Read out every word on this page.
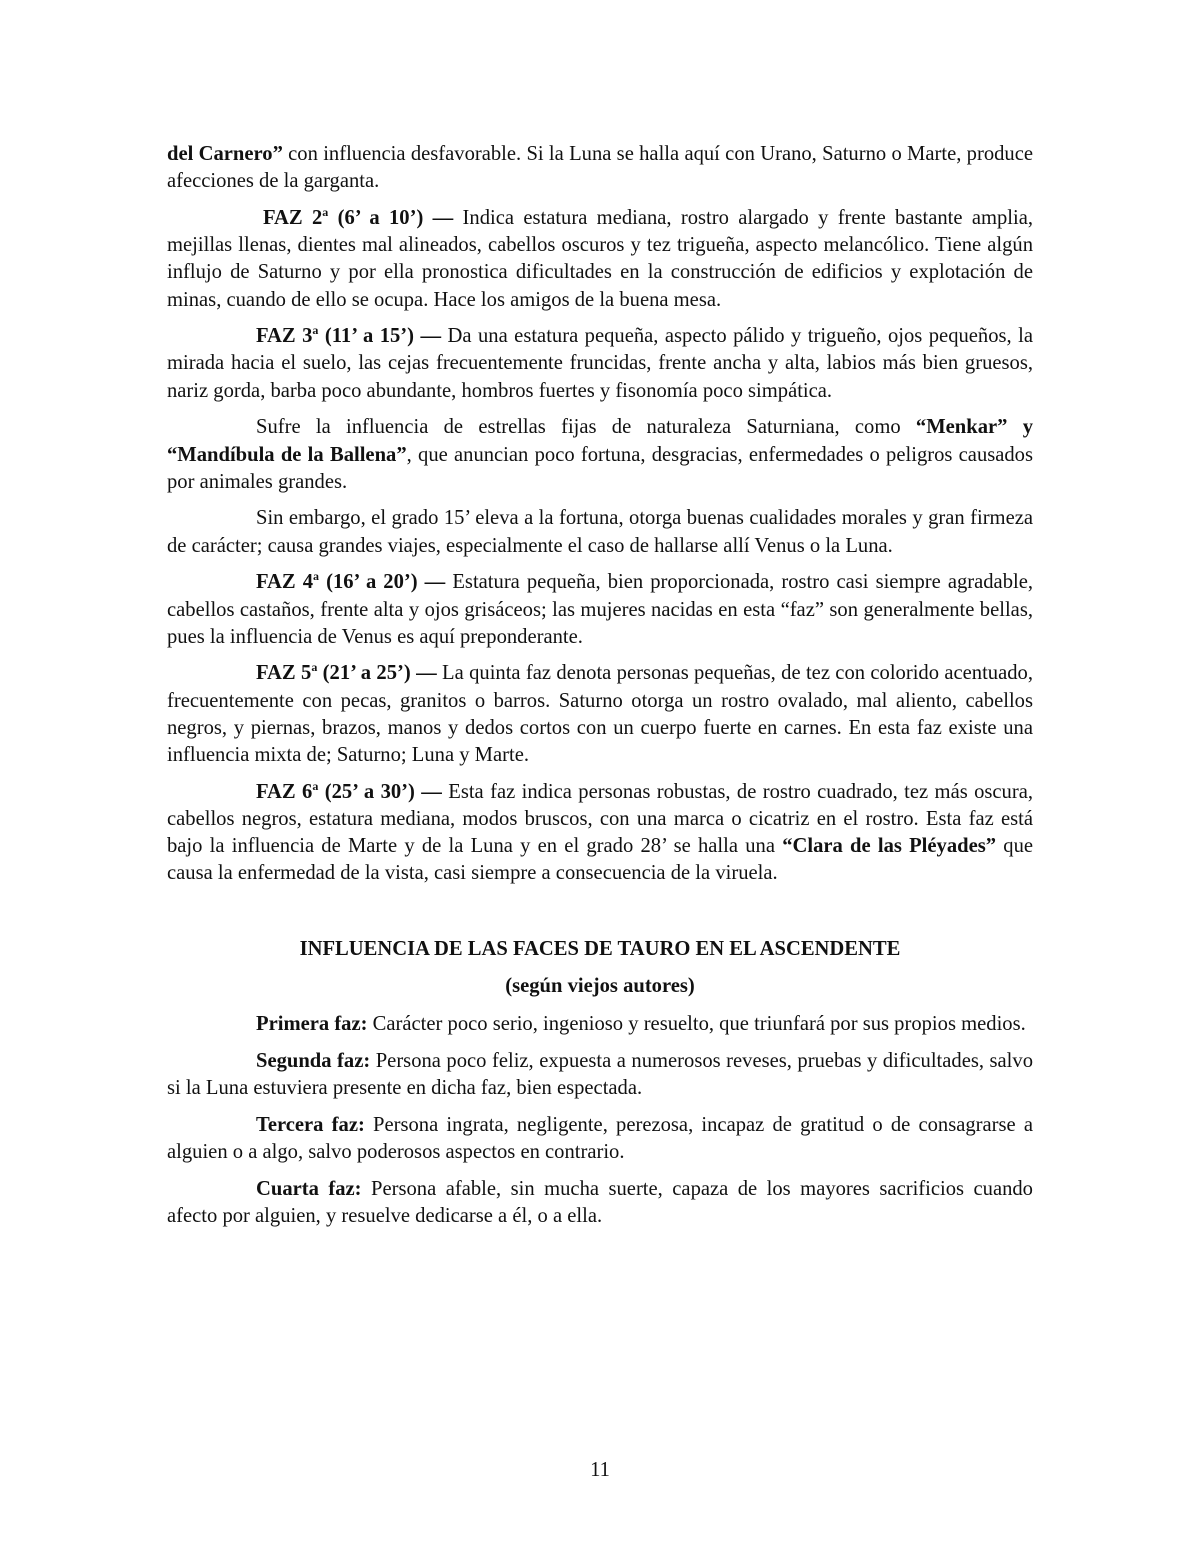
del Carnero” con influencia desfavorable. Si la Luna se halla aquí con Urano, Saturno o Marte, produce afecciones de la garganta.

FAZ 2$^a$ (6’ a 10’) — Indica estatura mediana, rostro alargado y frente bastante amplia, mejillas llenas, dientes mal alineados, cabellos oscuros y tez trigueña, aspecto melancólico. Tiene algún influjo de Saturno y por ella pronostica dificultades en la construcción de edificios y explotación de minas, cuando de ello se ocupa. Hace los amigos de la buena mesa.

FAZ 3$^a$ (11’ a 15’) — Da una estatura pequeña, aspecto pálido y trigueño, ojos pequeños, la mirada hacia el suelo, las cejas frecuentemente fruncidas, frente ancha y alta, labios más bien gruesos, nariz gorda, barba poco abundante, hombros fuertes y fisonomía poco simpática.

Sufre la influencia de estrellas fijas de naturaleza Saturniana, como “Menkar” y “Mandíbula de la Ballena”, que anuncian poco fortuna, desgracias, enfermedades o peligros causados por animales grandes.

Sin embargo, el grado 15’ eleva a la fortuna, otorga buenas cualidades morales y gran firmeza de carácter; causa grandes viajes, especialmente el caso de hallarse allí Venus o la Luna.

FAZ 4$^a$ (16’ a 20’) — Estatura pequeña, bien proporcionada, rostro casi siempre agradable, cabellos castaños, frente alta y ojos grisáceos; las mujeres nacidas en esta “faz” son generalmente bellas, pues la influencia de Venus es aquí preponderante.

FAZ 5$^a$ (21’ a 25’) — La quinta faz denota personas pequeñas, de tez con colorido acentuado, frecuentemente con pecas, granitos o barros. Saturno otorga un rostro ovalado, mal aliento, cabellos negros, y piernas, brazos, manos y dedos cortos con un cuerpo fuerte en carnes. En esta faz existe una influencia mixta de; Saturno; Luna y Marte.

FAZ 6$^a$ (25’ a 30’) — Esta faz indica personas robustas, de rostro cuadrado, tez más oscura, cabellos negros, estatura mediana, modos bruscos, con una marca o cicatriz en el rostro. Esta faz está bajo la influencia de Marte y de la Luna y en el grado 28’ se halla una “Clara de las Pléyades” que causa la enfermedad de la vista, casi siempre a consecuencia de la viruela.

INFLUENCIA DE LAS FACES DE TAURO EN EL ASCENDENTE
(según viejos autores)

Primera faz: Carácter poco serio, ingenioso y resuelto, que triunfará por sus propios medios.

Segunda faz: Persona poco feliz, expuesta a numerosos reveses, pruebas y dificultades, salvo si la Luna estuviera presente en dicha faz, bien espectada.

Tercera faz: Persona ingrata, negligente, perezosa, incapaz de gratitud o de consagrarse a alguien o a algo, salvo poderosos aspectos en contrario.

Cuarta faz: Persona afable, sin mucha suerte, capaza de los mayores sacrificios cuando afecto por alguien, y resuelve dedicarse a él, o a ella.

11
